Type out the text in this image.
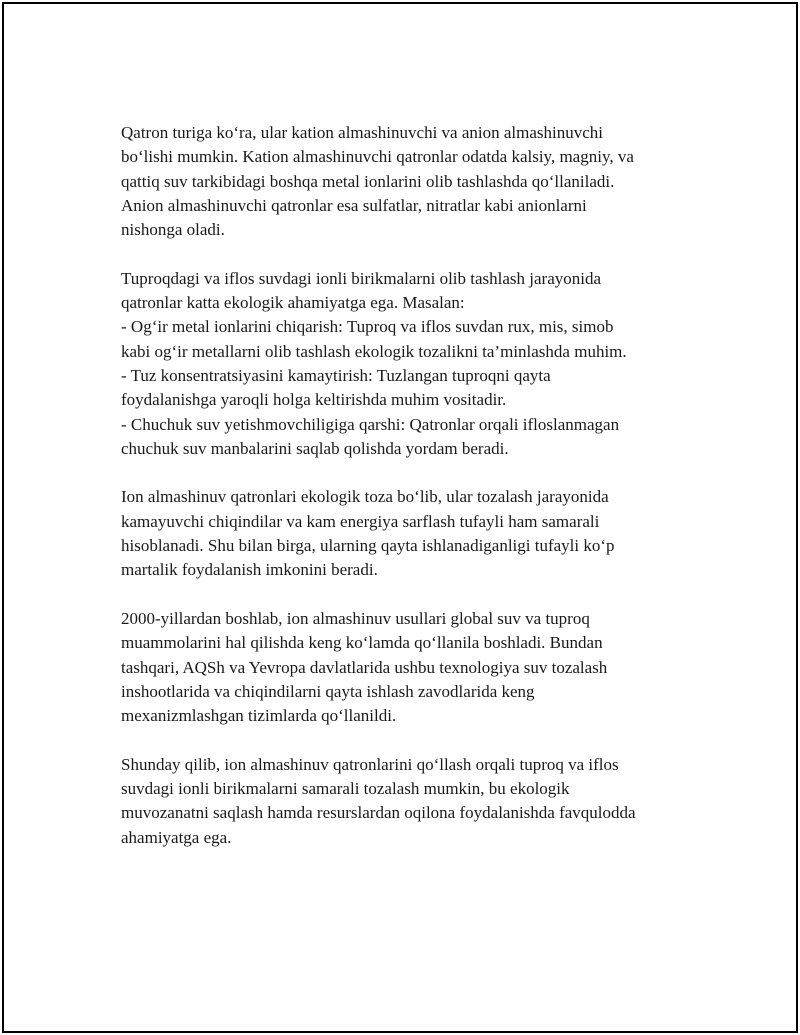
Qatron turiga ko‘ra, ular kation almashinuvchi va anion almashinuvchi
bo‘lishi mumkin. Kation almashinuvchi qatronlar odatda kalsiy, magniy, va
qattiq suv tarkibidagi boshqa metal ionlarini olib tashlashda qo‘llaniladi.
Anion almashinuvchi qatronlar esa sulfatlar, nitratlar kabi anionlarni
nishonga oladi.

Tuproqdagi va iflos suvdagi ionli birikmalarni olib tashlash jarayonida
qatronlar katta ekologik ahamiyatga ega. Masalan:
- Og‘ir metal ionlarini chiqarish: Tuproq va iflos suvdan rux, mis, simob
kabi og‘ir metallarni olib tashlash ekologik tozalikni ta’minlashda muhim.
- Tuz konsentratsiyasini kamaytirish: Tuzlangan tuproqni qayta
foydalanishga yaroqli holga keltirishda muhim vositadir.
- Chuchuk suv yetishmovchiligiga qarshi: Qatronlar orqali ifloslanmagan
chuchuk suv manbalarini saqlab qolishda yordam beradi.

Ion almashinuv qatronlari ekologik toza bo‘lib, ular tozalash jarayonida
kamayuvchi chiqindilar va kam energiya sarflash tufayli ham samarali
hisoblanadi. Shu bilan birga, ularning qayta ishlanadiganligi tufayli ko‘p
martalik foydalanish imkonini beradi.

2000-yillardan boshlab, ion almashinuv usullari global suv va tuproq
muammolarini hal qilishda keng ko‘lamda qo‘llanila boshladi. Bundan
tashqari, AQSh va Yevropa davlatlarida ushbu texnologiya suv tozalash
inshootlarida va chiqindilarni qayta ishlash zavodlarida keng
mexanizmlashgan tizimlarda qo‘llanildi.

Shunday qilib, ion almashinuv qatronlarini qo‘llash orqali tuproq va iflos
suvdagi ionli birikmalarni samarali tozalash mumkin, bu ekologik
muvozanatni saqlash hamda resurslardan oqilona foydalanishda favqulodda
ahamiyatga ega.
